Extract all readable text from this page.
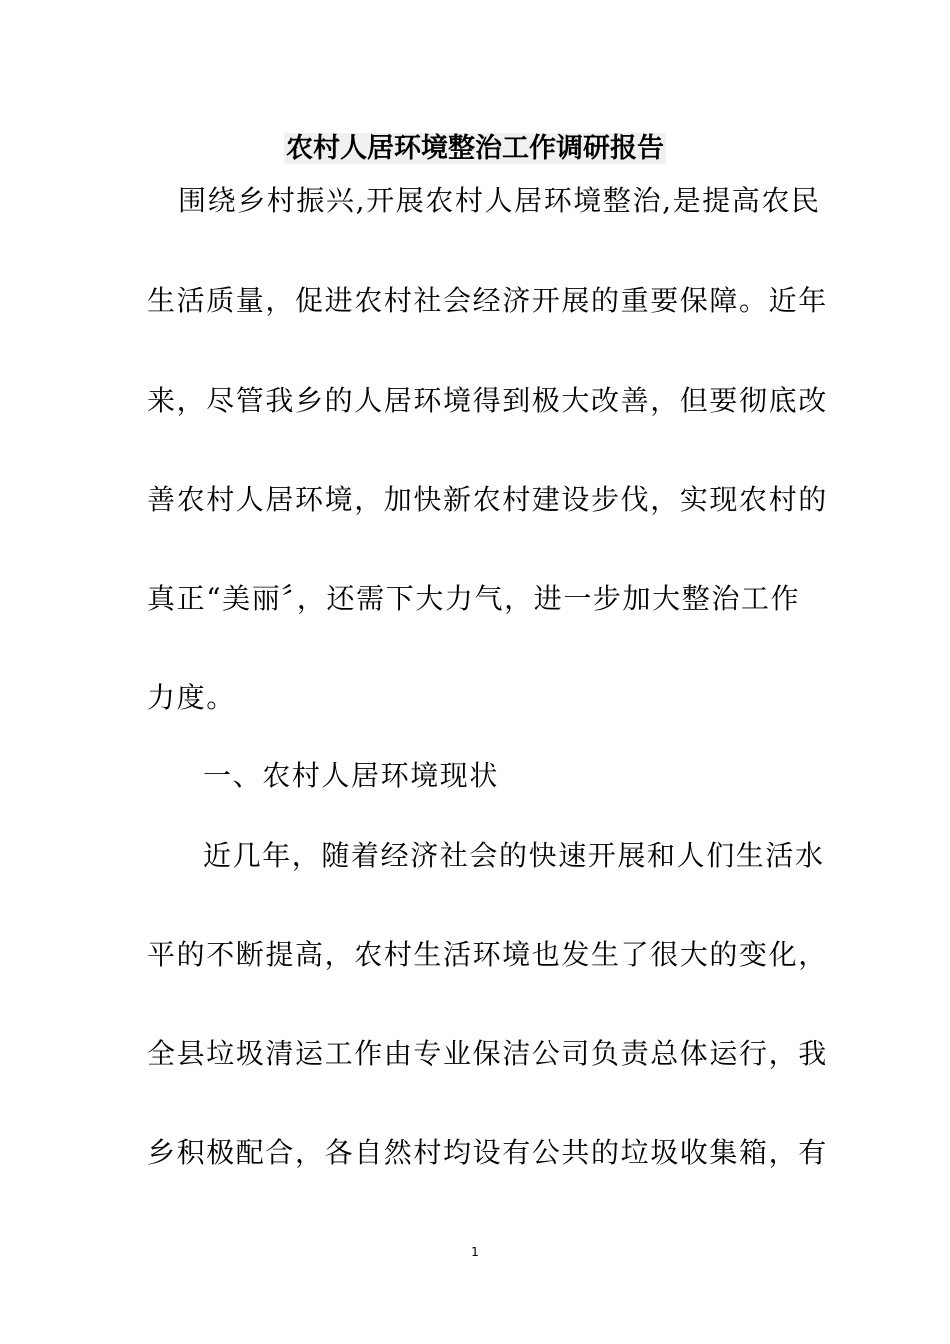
农村人居环境整治工作调研报告
围绕乡村振兴,开展农村人居环境整治,是提高农民
生活质量，促进农村社会经济开展的重要保障。近年
来，尽管我乡的人居环境得到极大改善，但要彻底改
善农村人居环境，加快新农村建设步伐，实现农村的
真正“美丽〞，还需下大力气，进一步加大整治工作
力度。
一、农村人居环境现状
近几年，随着经济社会的快速开展和人们生活水
平的不断提高，农村生活环境也发生了很大的变化，
全县垃圾清运工作由专业保洁公司负责总体运行，我
乡积极配合，各自然村均设有公共的垃圾收集箱，有
1
